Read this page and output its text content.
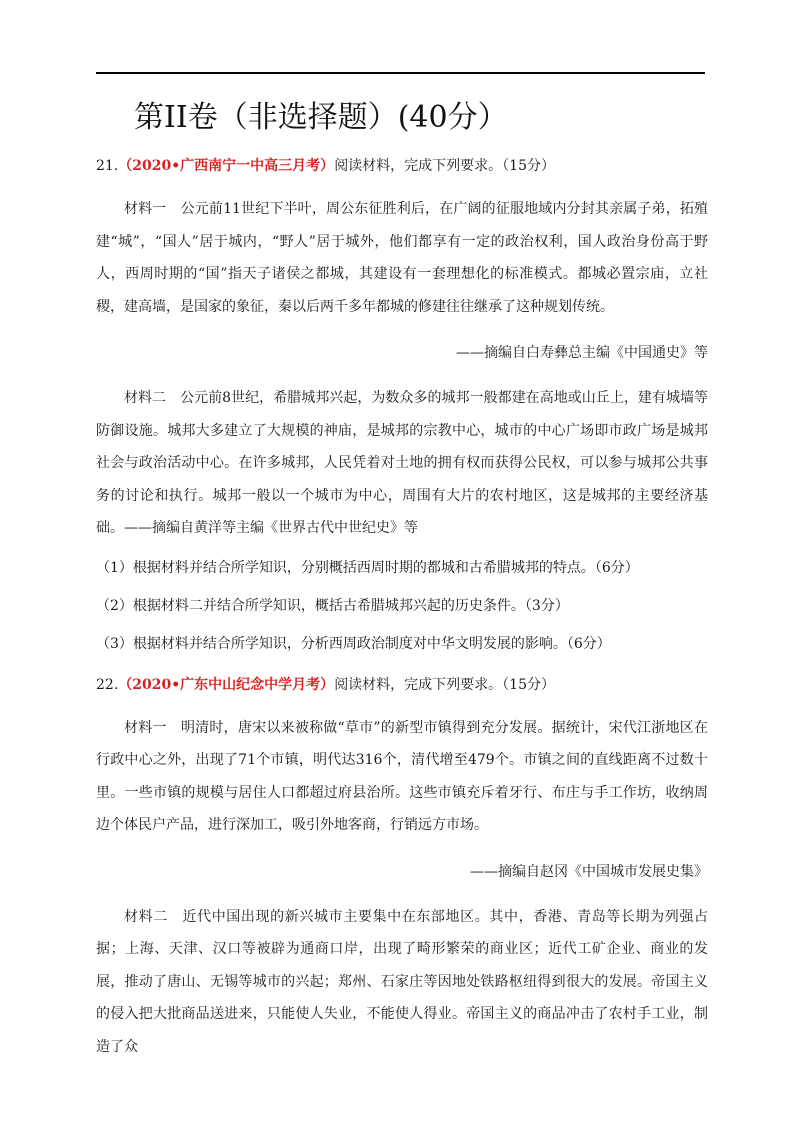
第II卷（非选择题）(40分）

21.（2020•广西南宁一中高三月考）阅读材料，完成下列要求。（15分）

材料一　公元前11世纪下半叶，周公东征胜利后，在广阔的征服地域内分封其亲属子弟，拓殖建“城”，“国人”居于城内，“野人”居于城外，他们都享有一定的政治权利，国人政治身份高于野人，西周时期的“国”指天子诸侯之都城，其建设有一套理想化的标准模式。都城必置宗庙，立社稷，建高墙，是国家的象征，秦以后两千多年都城的修建往往继承了这种规划传统。

——摘编自白寿彝总主编《中国通史》等

材料二　公元前8世纪，希腊城邦兴起，为数众多的城邦一般都建在高地或山丘上，建有城墙等防御设施。城邦大多建立了大规模的神庙，是城邦的宗教中心，城市的中心广场即市政广场是城邦社会与政治活动中心。在许多城邦，人民凭着对土地的拥有权而获得公民权，可以参与城邦公共事务的讨论和执行。城邦一般以一个城市为中心，周围有大片的农村地区，这是城邦的主要经济基础。——摘编自黄洋等主编《世界古代中世纪史》等

（1）根据材料并结合所学知识，分别概括西周时期的都城和古希腊城邦的特点。（6分）

（2）根据材料二并结合所学知识，概括古希腊城邦兴起的历史条件。（3分）

（3）根据材料并结合所学知识，分析西周政治制度对中华文明发展的影响。（6分）

22.（2020•广东中山纪念中学月考）阅读材料，完成下列要求。（15分）

材料一　明清时，唐宋以来被称做“草市”的新型市镇得到充分发展。据统计，宋代江浙地区在行政中心之外，出现了71个市镇，明代达316个，清代增至479个。市镇之间的直线距离不过数十里。一些市镇的规模与居住人口都超过府县治所。这些市镇充斥着牙行、布庄与手工作坊，收纳周边个体民户产品，进行深加工，吸引外地客商，行销远方市场。

——摘编自赵冈《中国城市发展史集》

材料二　近代中国出现的新兴城市主要集中在东部地区。其中，香港、青岛等长期为列强占据；上海、天津、汉口等被辟为通商口岸，出现了畸形繁荣的商业区；近代工矿企业、商业的发展，推动了唐山、无锡等城市的兴起；郑州、石家庄等因地处铁路枢纽得到很大的发展。帝国主义的侵入把大批商品送进来，只能使人失业，不能使人得业。帝国主义的商品冲击了农村手工业，制造了众
